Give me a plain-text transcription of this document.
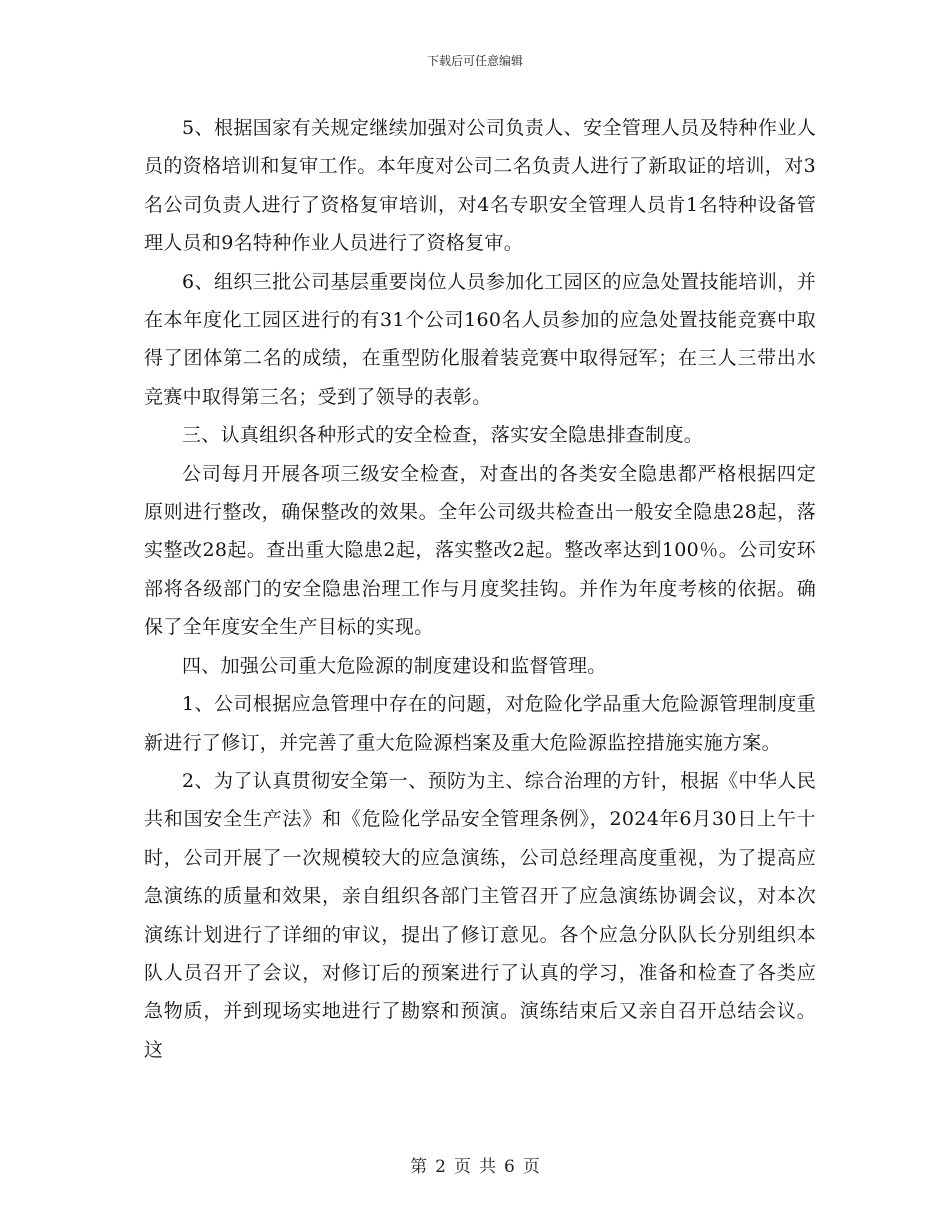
下载后可任意编辑

5、根据国家有关规定继续加强对公司负责人、安全管理人员及特种作业人员的资格培训和复审工作。本年度对公司二名负责人进行了新取证的培训，对3名公司负责人进行了资格复审培训，对4名专职安全管理人员肯1名特种设备管理人员和9名特种作业人员进行了资格复审。

6、组织三批公司基层重要岗位人员参加化工园区的应急处置技能培训，并在本年度化工园区进行的有31个公司160名人员参加的应急处置技能竞赛中取得了团体第二名的成绩，在重型防化服着装竞赛中取得冠军；在三人三带出水竞赛中取得第三名；受到了领导的表彰。

三、认真组织各种形式的安全检查，落实安全隐患排查制度。

公司每月开展各项三级安全检查，对查出的各类安全隐患都严格根据四定原则进行整改，确保整改的效果。全年公司级共检查出一般安全隐患28起，落实整改28起。查出重大隐患2起，落实整改2起。整改率达到100％。公司安环部将各级部门的安全隐患治理工作与月度奖挂钩。并作为年度考核的依据。确保了全年度安全生产目标的实现。

四、加强公司重大危险源的制度建设和监督管理。

1、公司根据应急管理中存在的问题，对危险化学品重大危险源管理制度重新进行了修订，并完善了重大危险源档案及重大危险源监控措施实施方案。

2、为了认真贯彻安全第一、预防为主、综合治理的方针，根据《中华人民共和国安全生产法》和《危险化学品安全管理条例》，2024年6月30日上午十时，公司开展了一次规模较大的应急演练，公司总经理高度重视，为了提高应急演练的质量和效果，亲自组织各部门主管召开了应急演练协调会议，对本次演练计划进行了详细的审议，提出了修订意见。各个应急分队队长分别组织本队人员召开了会议，对修订后的预案进行了认真的学习，准备和检查了各类应急物质，并到现场实地进行了勘察和预演。演练结束后又亲自召开总结会议。这

第 2 页 共 6 页
